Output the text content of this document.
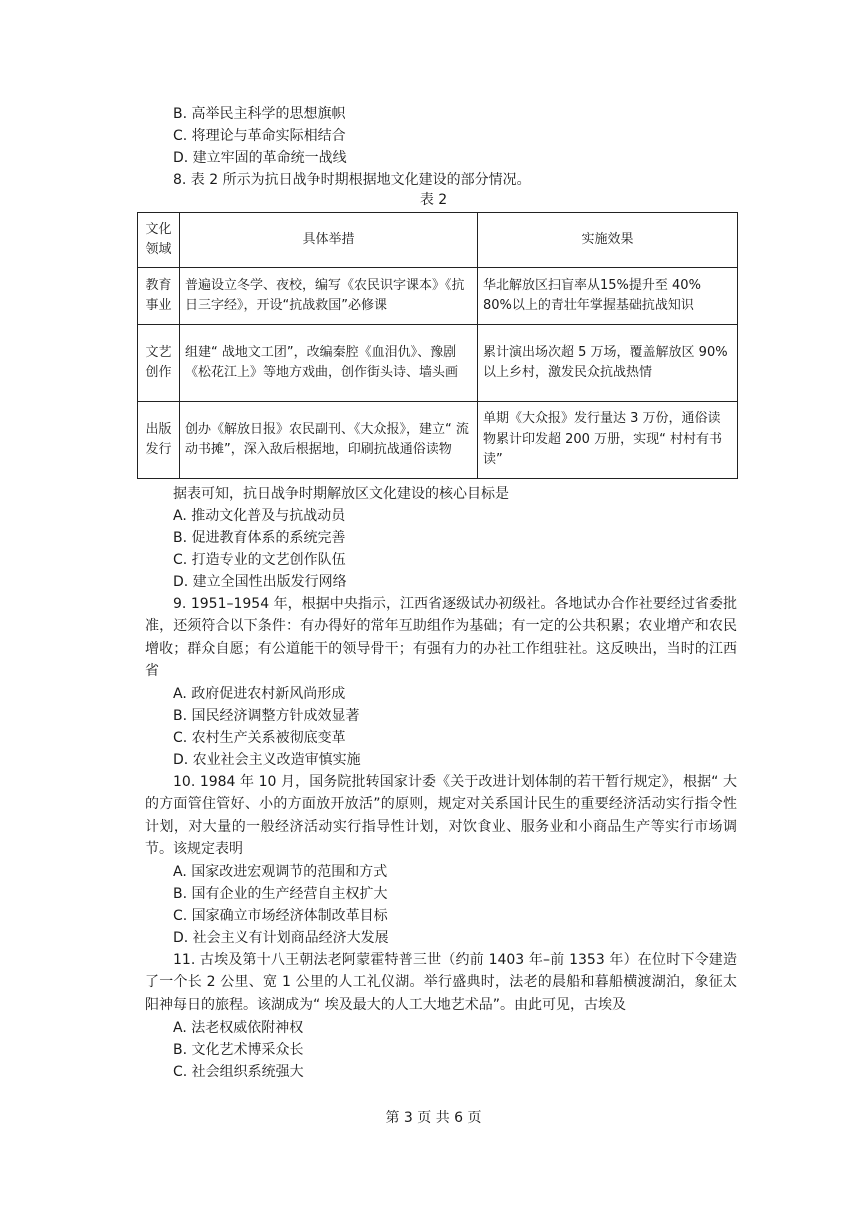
B. 高举民主科学的思想旗帜
C. 将理论与革命实际相结合
D. 建立牢固的革命统一战线
8. 表 2 所示为抗日战争时期根据地文化建设的部分情况。
表 2
文化领域	具体举措	实施效果
教育事业	普遍设立冬学、夜校，编写《农民识字课本》《抗日三字经》，开设“抗战救国”必修课	华北解放区扫盲率从15%提升至 40% 80%以上的青壮年掌握基础抗战知识
文艺创作	组建“ 战地文工团”，改编秦腔《血泪仇》、豫剧《松花江上》等地方戏曲，创作街头诗、墙头画	累计演出场次超 5 万场，覆盖解放区 90%以上乡村，激发民众抗战热情
出版发行	创办《解放日报》农民副刊、《大众报》，建立“ 流动书摊”，深入敌后根据地，印刷抗战通俗读物	单期《大众报》发行量达 3 万份，通俗读物累计印发超 200 万册，实现“ 村村有书读”
据表可知，抗日战争时期解放区文化建设的核心目标是
A. 推动文化普及与抗战动员
B. 促进教育体系的系统完善
C. 打造专业的文艺创作队伍
D. 建立全国性出版发行网络
9. 1951–1954 年，根据中央指示，江西省逐级试办初级社。各地试办合作社要经过省委批准，还须符合以下条件：有办得好的常年互助组作为基础；有一定的公共积累；农业增产和农民增收；群众自愿；有公道能干的领导骨干；有强有力的办社工作组驻社。这反映出，当时的江西省
A. 政府促进农村新风尚形成
B. 国民经济调整方针成效显著
C. 农村生产关系被彻底变革
D. 农业社会主义改造审慎实施
10. 1984 年 10 月，国务院批转国家计委《关于改进计划体制的若干暂行规定》，根据“ 大的方面管住管好、小的方面放开放活”的原则，规定对关系国计民生的重要经济活动实行指令性计划，对大量的一般经济活动实行指导性计划，对饮食业、服务业和小商品生产等实行市场调节。该规定表明
A. 国家改进宏观调节的范围和方式
B. 国有企业的生产经营自主权扩大
C. 国家确立市场经济体制改革目标
D. 社会主义有计划商品经济大发展
11. 古埃及第十八王朝法老阿蒙霍特普三世（约前 1403 年–前 1353 年）在位时下令建造了一个长 2 公里、宽 1 公里的人工礼仪湖。举行盛典时，法老的晨船和暮船横渡湖泊，象征太阳神每日的旅程。该湖成为“ 埃及最大的人工大地艺术品”。由此可见，古埃及
A. 法老权威依附神权
B. 文化艺术博采众长
C. 社会组织系统强大
第 3 页 共 6 页
